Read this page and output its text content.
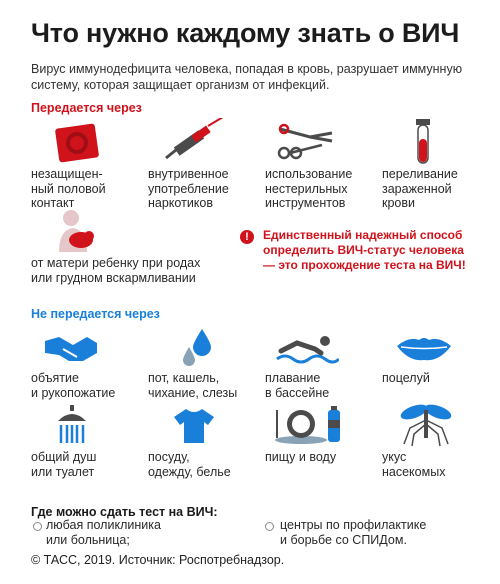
Что нужно каждому знать о ВИЧ
Вирус иммунодефицита человека, попадая в кровь, разрушает иммунную систему, которая защищает организм от инфекций.
Передается через
незащищен-
ный половой
контакт
внутривенное
употребление
наркотиков
использование
нестерильных
инструментов
переливание
зараженной
крови
от матери ребенку при родах
или грудном вскармливании
!	Единственный надежный способ определить ВИЧ-статус человека — это прохождение теста на ВИЧ!
Не передается через
объятие
и рукопожатие
пот, кашель,
чихание, слезы
плавание
в бассейне
поцелуй
общий душ
или туалет
посуду,
одежду, белье
пищу и воду	укус
насекомых
Где можно сдать тест на ВИЧ:
любая поликлиника
или больница;
центры по профилактике
и борьбе со СПИДом.
© ТАСС, 2019. Источник: Роспотребнадзор.
